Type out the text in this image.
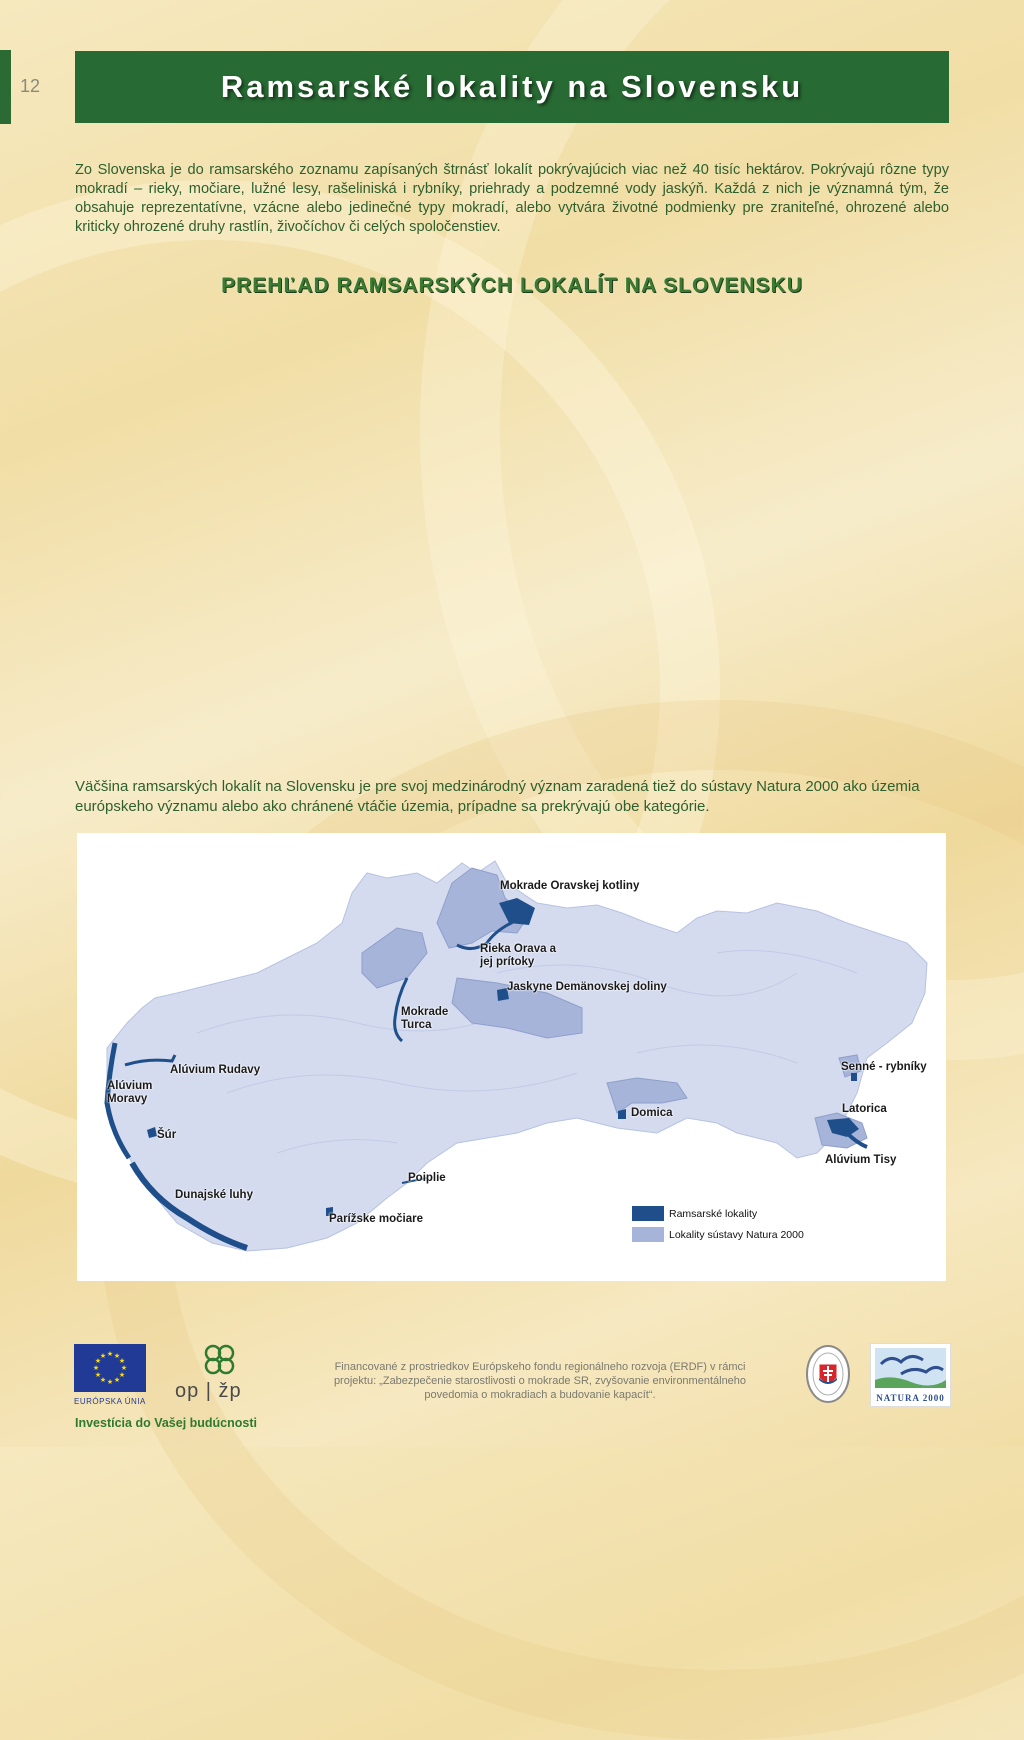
12	Ramsarské lokality na Slovensku
Zo Slovenska je do ramsarského zoznamu zapísaných štrnásť lokalít pokrývajúcich viac než 40 tisíc hektárov. Pokrývajú rôzne typy mokradí – rieky, močiare, lužné lesy, rašeliniská i rybníky, priehrady a podzemné vody jaskýň. Každá z nich je významná tým, že obsahuje reprezentatívne, vzácne alebo jedinečné typy mokradí, alebo vytvára životné podmienky pre zraniteľné, ohrozené alebo kriticky ohrozené druhy rastlín, živočíchov či celých spoločenstiev.
PREHĽAD RAMSARSKÝCH LOKALÍT NA SLOVENSKU
Väčšina ramsarských lokalít na Slovensku je pre svoj medzinárodný význam zaradená tiež do sústavy Natura 2000 ako územia európskeho významu alebo ako chránené vtáčie územia, prípadne sa prekrývajú obe kategórie.
Mokrade Oravskej kotliny
Rieka Orava a jej prítoky
Jaskyne Demänovskej doliny
Mokrade Turca
Alúvium Rudavy
Alúvium Moravy
Šúr
Dunajské luhy
Poiplie
Parížske močiare
Domica
Senné - rybníky
Latorica
Alúvium Tisy
Ramsarské lokality
Lokality sústavy Natura 2000
★ ★
★
★
★
★
★
★
★
★
★
★
EURÓPSKA ÚNIA
Investícia do Vašej budúcnosti
op | žp
Financované z prostriedkov Európskeho fondu regionálneho rozvoja (ERDF) v rámci projektu: „Zabezpečenie starostlivosti o mokrade SR, zvyšovanie environmentálneho povedomia o mokradiach a budovanie kapacít“.	NATURA 2000
